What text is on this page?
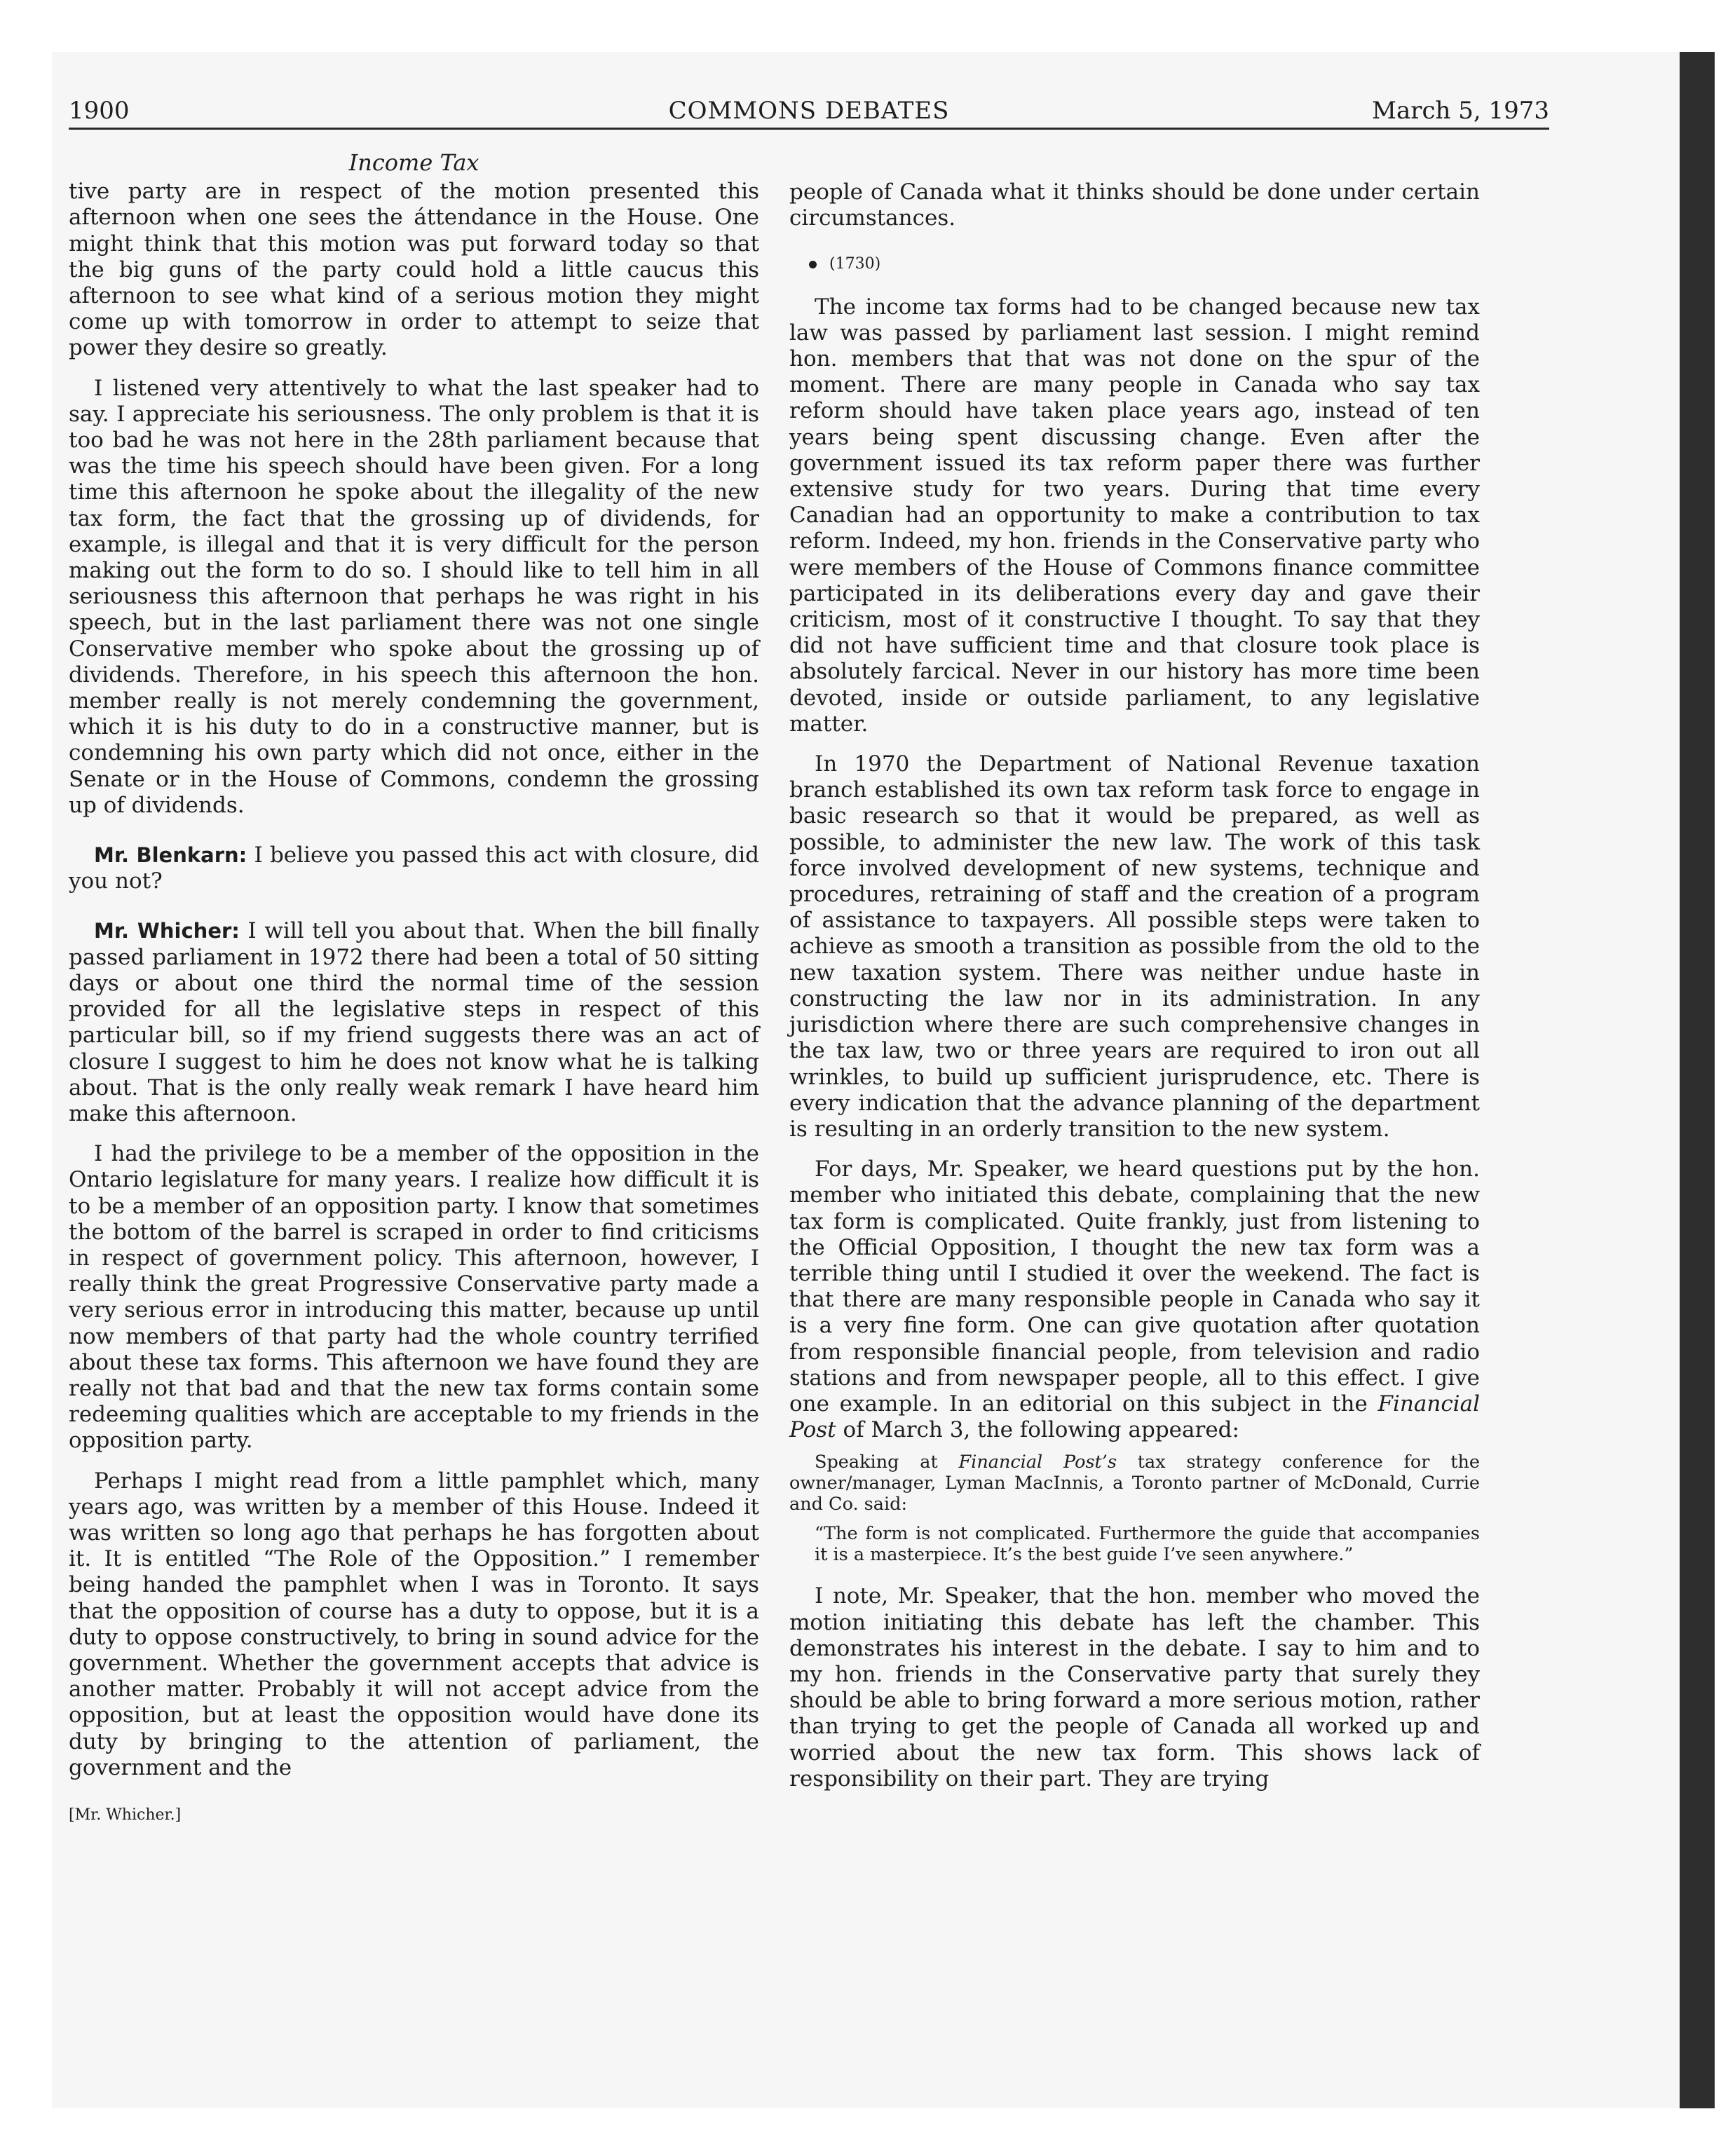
1900	COMMONS DEBATES	March 5, 1973
Income Tax

tive party are in respect of the motion presented this afternoon when one sees the áttendance in the House. One might think that this motion was put forward today so that the big guns of the party could hold a little caucus this afternoon to see what kind of a serious motion they might come up with tomorrow in order to attempt to seize that power they desire so greatly.

I listened very attentively to what the last speaker had to say. I appreciate his seriousness. The only problem is that it is too bad he was not here in the 28th parliament because that was the time his speech should have been given. For a long time this afternoon he spoke about the illegality of the new tax form, the fact that the grossing up of dividends, for example, is illegal and that it is very difficult for the person making out the form to do so. I should like to tell him in all seriousness this afternoon that perhaps he was right in his speech, but in the last parliament there was not one single Conservative member who spoke about the grossing up of dividends. Therefore, in his speech this afternoon the hon. member really is not merely condemning the government, which it is his duty to do in a constructive manner, but is condemning his own party which did not once, either in the Senate or in the House of Commons, condemn the grossing up of dividends.

Mr. Blenkarn: I believe you passed this act with closure, did you not?

Mr. Whicher: I will tell you about that. When the bill finally passed parliament in 1972 there had been a total of 50 sitting days or about one third the normal time of the session provided for all the legislative steps in respect of this particular bill, so if my friend suggests there was an act of closure I suggest to him he does not know what he is talking about. That is the only really weak remark I have heard him make this afternoon.

I had the privilege to be a member of the opposition in the Ontario legislature for many years. I realize how difficult it is to be a member of an opposition party. I know that sometimes the bottom of the barrel is scraped in order to find criticisms in respect of government policy. This afternoon, however, I really think the great Progressive Conservative party made a very serious error in introducing this matter, because up until now members of that party had the whole country terrified about these tax forms. This afternoon we have found they are really not that bad and that the new tax forms contain some redeeming qualities which are acceptable to my friends in the opposition party.

Perhaps I might read from a little pamphlet which, many years ago, was written by a member of this House. Indeed it was written so long ago that perhaps he has forgotten about it. It is entitled “The Role of the Opposition.” I remember being handed the pamphlet when I was in Toronto. It says that the opposition of course has a duty to oppose, but it is a duty to oppose constructively, to bring in sound advice for the government. Whether the government accepts that advice is another matter. Probably it will not accept advice from the opposition, but at least the opposition would have done its duty by bringing to the attention of parliament, the government and the

[Mr. Whicher.]

people of Canada what it thinks should be done under certain circumstances.

(1730)

The income tax forms had to be changed because new tax law was passed by parliament last session. I might remind hon. members that that was not done on the spur of the moment. There are many people in Canada who say tax reform should have taken place years ago, instead of ten years being spent discussing change. Even after the government issued its tax reform paper there was further extensive study for two years. During that time every Canadian had an opportunity to make a contribution to tax reform. Indeed, my hon. friends in the Conservative party who were members of the House of Commons finance committee participated in its deliberations every day and gave their criticism, most of it constructive I thought. To say that they did not have sufficient time and that closure took place is absolutely farcical. Never in our history has more time been devoted, inside or outside parliament, to any legislative matter.

In 1970 the Department of National Revenue taxation branch established its own tax reform task force to engage in basic research so that it would be prepared, as well as possible, to administer the new law. The work of this task force involved development of new systems, technique and procedures, retraining of staff and the creation of a program of assistance to taxpayers. All possible steps were taken to achieve as smooth a transition as possible from the old to the new taxation system. There was neither undue haste in constructing the law nor in its administration. In any jurisdiction where there are such comprehensive changes in the tax law, two or three years are required to iron out all wrinkles, to build up sufficient jurisprudence, etc. There is every indication that the advance planning of the department is resulting in an orderly transition to the new system.

For days, Mr. Speaker, we heard questions put by the hon. member who initiated this debate, complaining that the new tax form is complicated. Quite frankly, just from listening to the Official Opposition, I thought the new tax form was a terrible thing until I studied it over the weekend. The fact is that there are many responsible people in Canada who say it is a very fine form. One can give quotation after quotation from responsible financial people, from television and radio stations and from newspaper people, all to this effect. I give one example. In an editorial on this subject in the Financial Post of March 3, the following appeared:

Speaking at Financial Post’s tax strategy conference for the owner/manager, Lyman MacInnis, a Toronto partner of McDonald, Currie and Co. said:
“The form is not complicated. Furthermore the guide that accompanies it is a masterpiece. It’s the best guide I’ve seen anywhere.”

I note, Mr. Speaker, that the hon. member who moved the motion initiating this debate has left the chamber. This demonstrates his interest in the debate. I say to him and to my hon. friends in the Conservative party that surely they should be able to bring forward a more serious motion, rather than trying to get the people of Canada all worked up and worried about the new tax form. This shows lack of responsibility on their part. They are trying
